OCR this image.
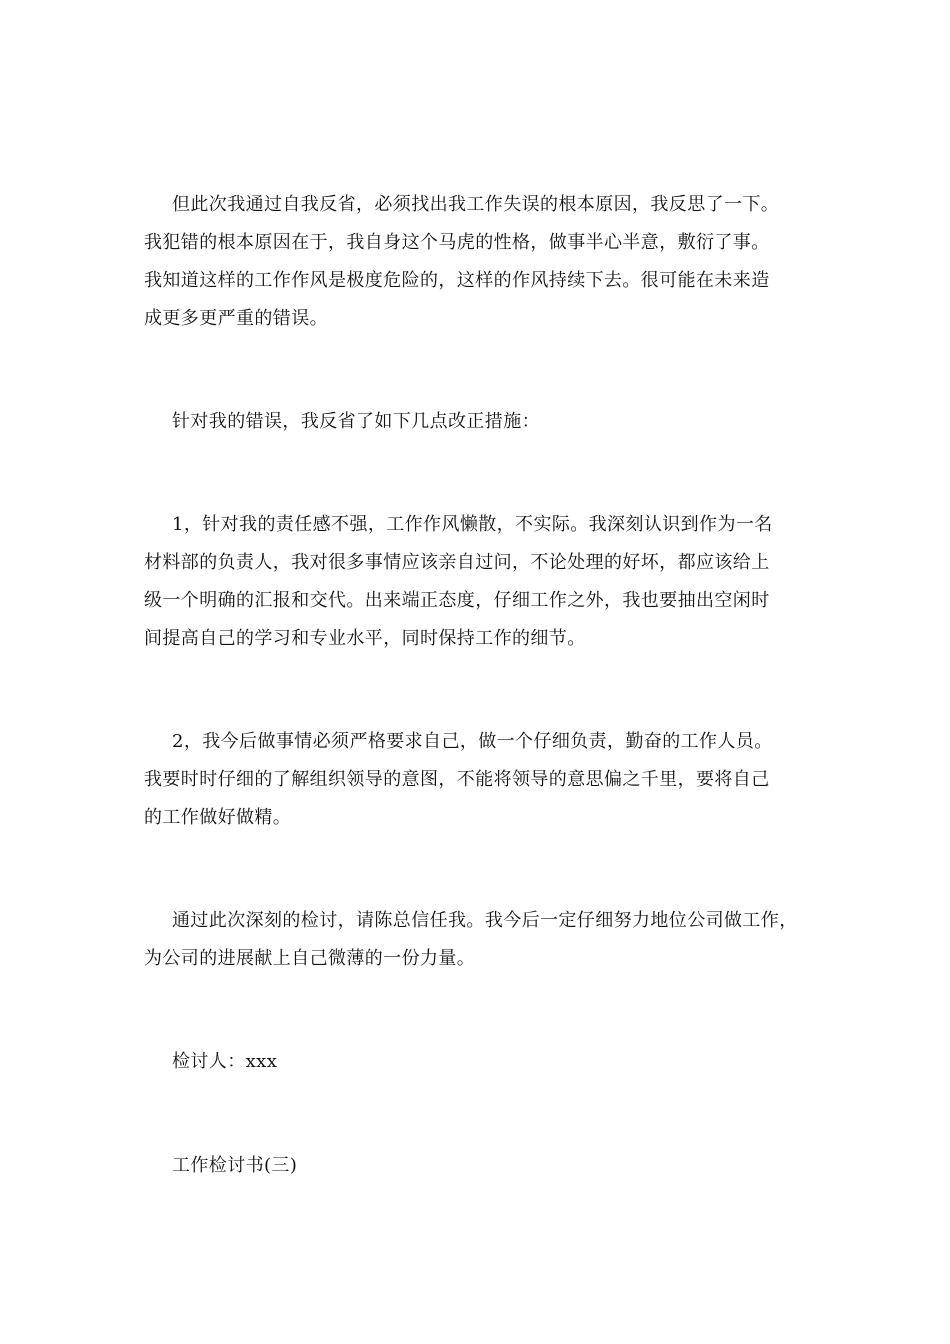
但此次我通过自我反省，必须找出我工作失误的根本原因，我反思了一下。
我犯错的根本原因在于，我自身这个马虎的性格，做事半心半意，敷衍了事。
我知道这样的工作作风是极度危险的，这样的作风持续下去。很可能在未来造
成更多更严重的错误。
针对我的错误，我反省了如下几点改正措施：
1，针对我的责任感不强，工作作风懒散，不实际。我深刻认识到作为一名
材料部的负责人，我对很多事情应该亲自过问，不论处理的好坏，都应该给上
级一个明确的汇报和交代。出来端正态度，仔细工作之外，我也要抽出空闲时
间提高自己的学习和专业水平，同时保持工作的细节。
2，我今后做事情必须严格要求自己，做一个仔细负责，勤奋的工作人员。
我要时时仔细的了解组织领导的意图，不能将领导的意思偏之千里，要将自己
的工作做好做精。
通过此次深刻的检讨，请陈总信任我。我今后一定仔细努力地位公司做工作，
为公司的进展献上自己微薄的一份力量。
检讨人：xxx
工作检讨书(三)
